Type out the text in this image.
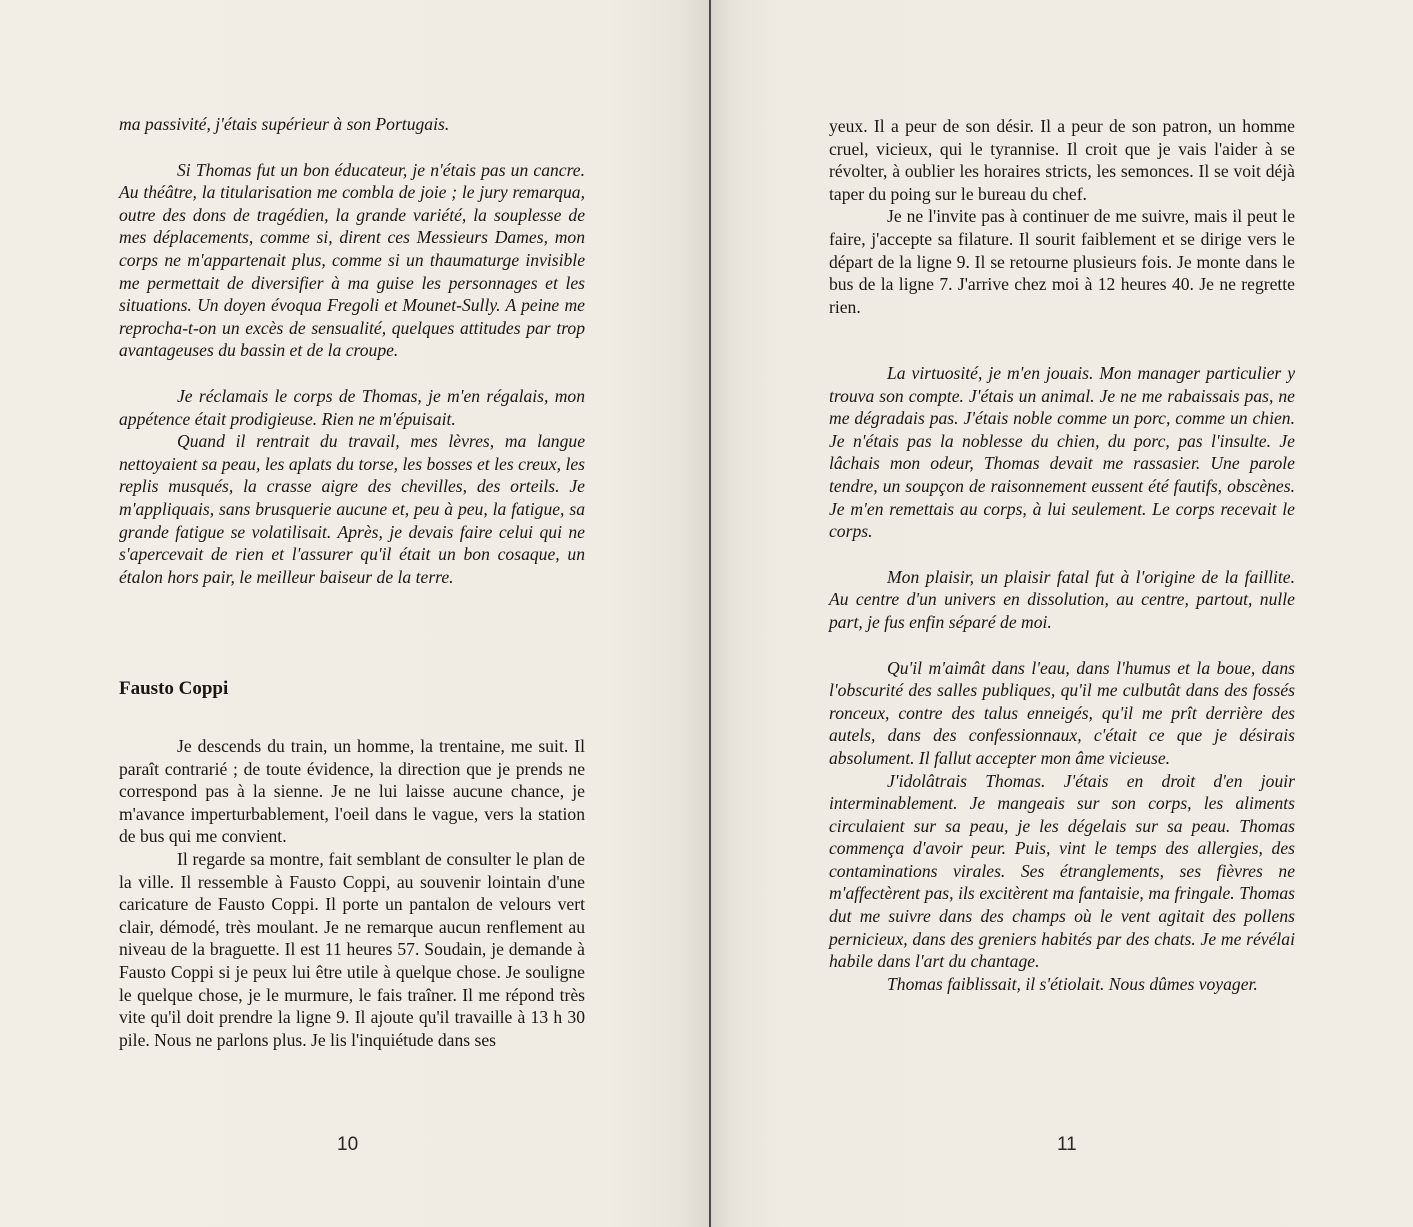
ma passivité, j'étais supérieur à son Portugais.

Si Thomas fut un bon éducateur, je n'étais pas un cancre. Au théâtre, la titularisation me combla de joie ; le jury remarqua, outre des dons de tragédien, la grande variété, la souplesse de mes déplacements, comme si, dirent ces Messieurs Dames, mon corps ne m'appartenait plus, comme si un thaumaturge invisible me permettait de diversifier à ma guise les personnages et les situations. Un doyen évoqua Fregoli et Mounet-Sully. A peine me reprocha-t-on un excès de sensualité, quelques attitudes par trop avantageuses du bassin et de la croupe.

Je réclamais le corps de Thomas, je m'en régalais, mon appétence était prodigieuse. Rien ne m'épuisait.

Quand il rentrait du travail, mes lèvres, ma langue nettoyaient sa peau, les aplats du torse, les bosses et les creux, les replis musqués, la crasse aigre des chevilles, des orteils. Je m'appliquais, sans brusquerie aucune et, peu à peu, la fatigue, sa grande fatigue se volatilisait. Après, je devais faire celui qui ne s'apercevait de rien et l'assurer qu'il était un bon cosaque, un étalon hors pair, le meilleur baiseur de la terre.

Fausto Coppi

Je descends du train, un homme, la trentaine, me suit. Il paraît contrarié ; de toute évidence, la direction que je prends ne correspond pas à la sienne. Je ne lui laisse aucune chance, je m'avance imperturbablement, l'oeil dans le vague, vers la station de bus qui me convient.

Il regarde sa montre, fait semblant de consulter le plan de la ville. Il ressemble à Fausto Coppi, au souvenir lointain d'une caricature de Fausto Coppi. Il porte un pantalon de velours vert clair, démodé, très moulant. Je ne remarque aucun renflement au niveau de la braguette. Il est 11 heures 57. Soudain, je demande à Fausto Coppi si je peux lui être utile à quelque chose. Je souligne le quelque chose, je le murmure, le fais traîner. Il me répond très vite qu'il doit prendre la ligne 9. Il ajoute qu'il travaille à 13 h 30 pile. Nous ne parlons plus. Je lis l'inquiétude dans ses

10

yeux. Il a peur de son désir. Il a peur de son patron, un homme cruel, vicieux, qui le tyrannise. Il croit que je vais l'aider à se révolter, à oublier les horaires stricts, les semonces. Il se voit déjà taper du poing sur le bureau du chef.

Je ne l'invite pas à continuer de me suivre, mais il peut le faire, j'accepte sa filature. Il sourit faiblement et se dirige vers le départ de la ligne 9. Il se retourne plusieurs fois. Je monte dans le bus de la ligne 7. J'arrive chez moi à 12 heures 40. Je ne regrette rien.

La virtuosité, je m'en jouais. Mon manager particulier y trouva son compte. J'étais un animal. Je ne me rabaissais pas, ne me dégradais pas. J'étais noble comme un porc, comme un chien. Je n'étais pas la noblesse du chien, du porc, pas l'insulte. Je lâchais mon odeur, Thomas devait me rassasier. Une parole tendre, un soupçon de raisonnement eussent été fautifs, obscènes. Je m'en remettais au corps, à lui seulement. Le corps recevait le corps.

Mon plaisir, un plaisir fatal fut à l'origine de la faillite. Au centre d'un univers en dissolution, au centre, partout, nulle part, je fus enfin séparé de moi.

Qu'il m'aimât dans l'eau, dans l'humus et la boue, dans l'obscurité des salles publiques, qu'il me culbutât dans des fossés ronceux, contre des talus enneigés, qu'il me prît derrière des autels, dans des confessionnaux, c'était ce que je désirais absolument. Il fallut accepter mon âme vicieuse.

J'idolâtrais Thomas. J'étais en droit d'en jouir interminablement. Je mangeais sur son corps, les aliments circulaient sur sa peau, je les dégelais sur sa peau. Thomas commença d'avoir peur. Puis, vint le temps des allergies, des contaminations virales. Ses étranglements, ses fièvres ne m'affectèrent pas, ils excitèrent ma fantaisie, ma fringale. Thomas dut me suivre dans des champs où le vent agitait des pollens pernicieux, dans des greniers habités par des chats. Je me révélai habile dans l'art du chantage.

Thomas faiblissait, il s'étiolait. Nous dûmes voyager.

11
